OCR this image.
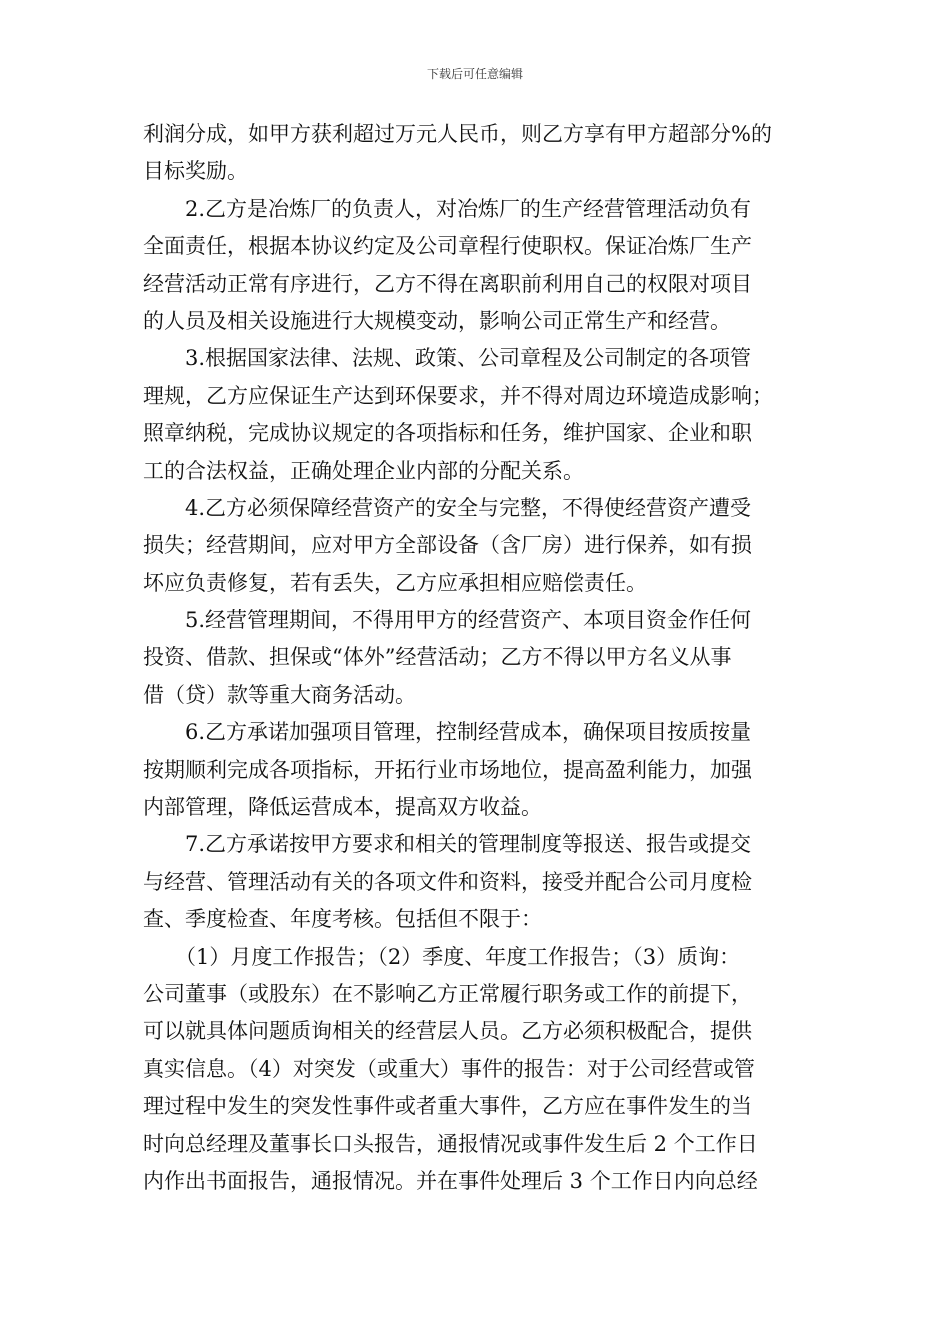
下载后可任意编辑
利润分成，如甲方获利超过万元人民币，则乙方享有甲方超部分%的
目标奖励。
2.乙方是冶炼厂的负责人，对冶炼厂的生产经营管理活动负有
全面责任，根据本协议约定及公司章程行使职权。保证冶炼厂生产
经营活动正常有序进行，乙方不得在离职前利用自己的权限对项目
的人员及相关设施进行大规模变动，影响公司正常生产和经营。
3.根据国家法律、法规、政策、公司章程及公司制定的各项管
理规，乙方应保证生产达到环保要求，并不得对周边环境造成影响；
照章纳税，完成协议规定的各项指标和任务，维护国家、企业和职
工的合法权益，正确处理企业内部的分配关系。
4.乙方必须保障经营资产的安全与完整，不得使经营资产遭受
损失；经营期间，应对甲方全部设备（含厂房）进行保养，如有损
坏应负责修复，若有丢失，乙方应承担相应赔偿责任。
5.经营管理期间，不得用甲方的经营资产、本项目资金作任何
投资、借款、担保或“体外”经营活动；乙方不得以甲方名义从事
借（贷）款等重大商务活动。
6.乙方承诺加强项目管理，控制经营成本，确保项目按质按量
按期顺利完成各项指标，开拓行业市场地位，提高盈利能力，加强
内部管理，降低运营成本，提高双方收益。
7.乙方承诺按甲方要求和相关的管理制度等报送、报告或提交
与经营、管理活动有关的各项文件和资料，接受并配合公司月度检
查、季度检查、年度考核。包括但不限于：
（1）月度工作报告；（2）季度、年度工作报告；（3）质询：
公司董事（或股东）在不影响乙方正常履行职务或工作的前提下，
可以就具体问题质询相关的经营层人员。乙方必须积极配合，提供
真实信息。（4）对突发（或重大）事件的报告：对于公司经营或管
理过程中发生的突发性事件或者重大事件，乙方应在事件发生的当
时向总经理及董事长口头报告，通报情况或事件发生后 2 个工作日
内作出书面报告，通报情况。并在事件处理后 3 个工作日内向总经
